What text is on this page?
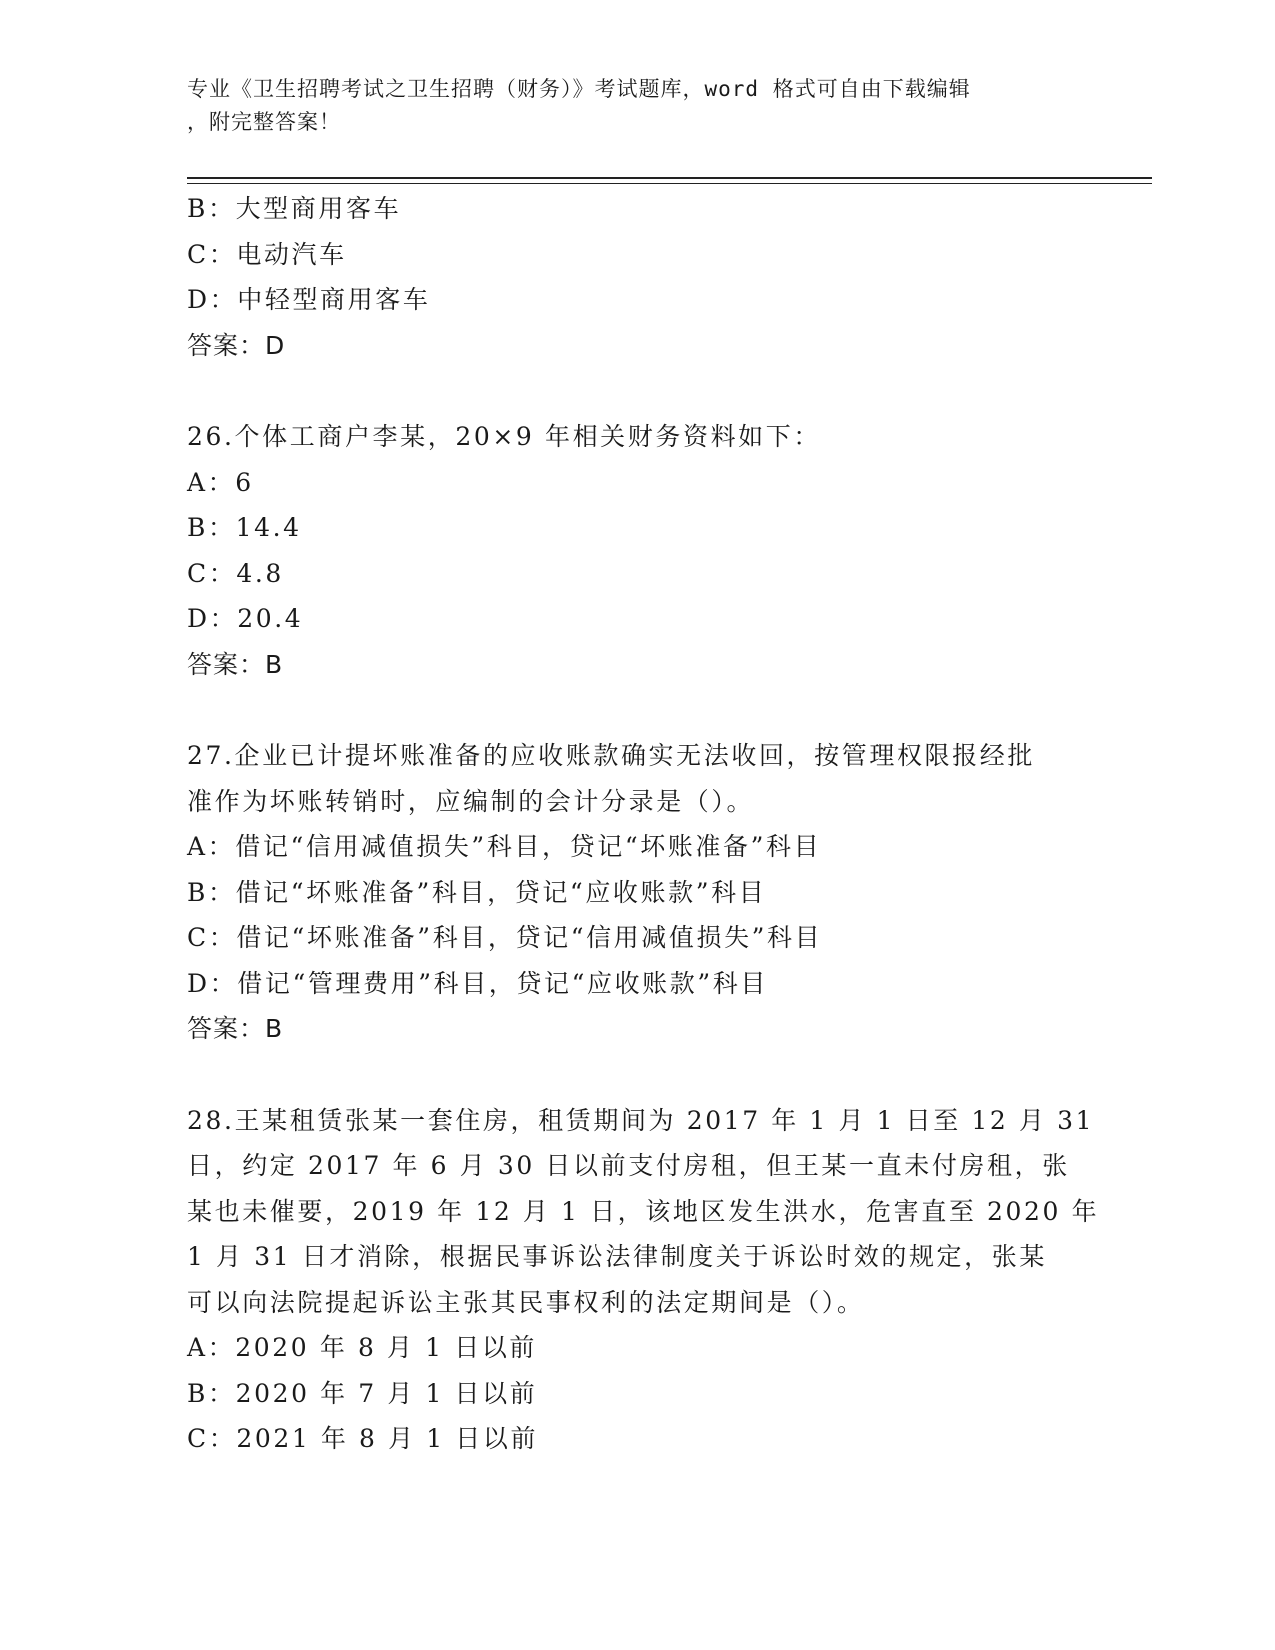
专业《卫生招聘考试之卫生招聘（财务）》考试题库，word 格式可自由下载编辑
，附完整答案！
B：大型商用客车
C：电动汽车
D：中轻型商用客车
答案：D
26.个体工商户李某，20×9 年相关财务资料如下：
A：6
B：14.4
C：4.8
D：20.4
答案：B
27.企业已计提坏账准备的应收账款确实无法收回，按管理权限报经批
准作为坏账转销时，应编制的会计分录是（）。
A：借记“信用减值损失”科目，贷记“坏账准备”科目
B：借记“坏账准备”科目，贷记“应收账款”科目
C：借记“坏账准备”科目，贷记“信用减值损失”科目
D：借记“管理费用”科目，贷记“应收账款”科目
答案：B
28.王某租赁张某一套住房，租赁期间为 2017 年 1 月 1 日至 12 月 31
日，约定 2017 年 6 月 30 日以前支付房租，但王某一直未付房租，张
某也未催要，2019 年 12 月 1 日，该地区发生洪水，危害直至 2020 年
1 月 31 日才消除，根据民事诉讼法律制度关于诉讼时效的规定，张某
可以向法院提起诉讼主张其民事权利的法定期间是（）。
A：2020 年 8 月 1 日以前
B：2020 年 7 月 1 日以前
C：2021 年 8 月 1 日以前
